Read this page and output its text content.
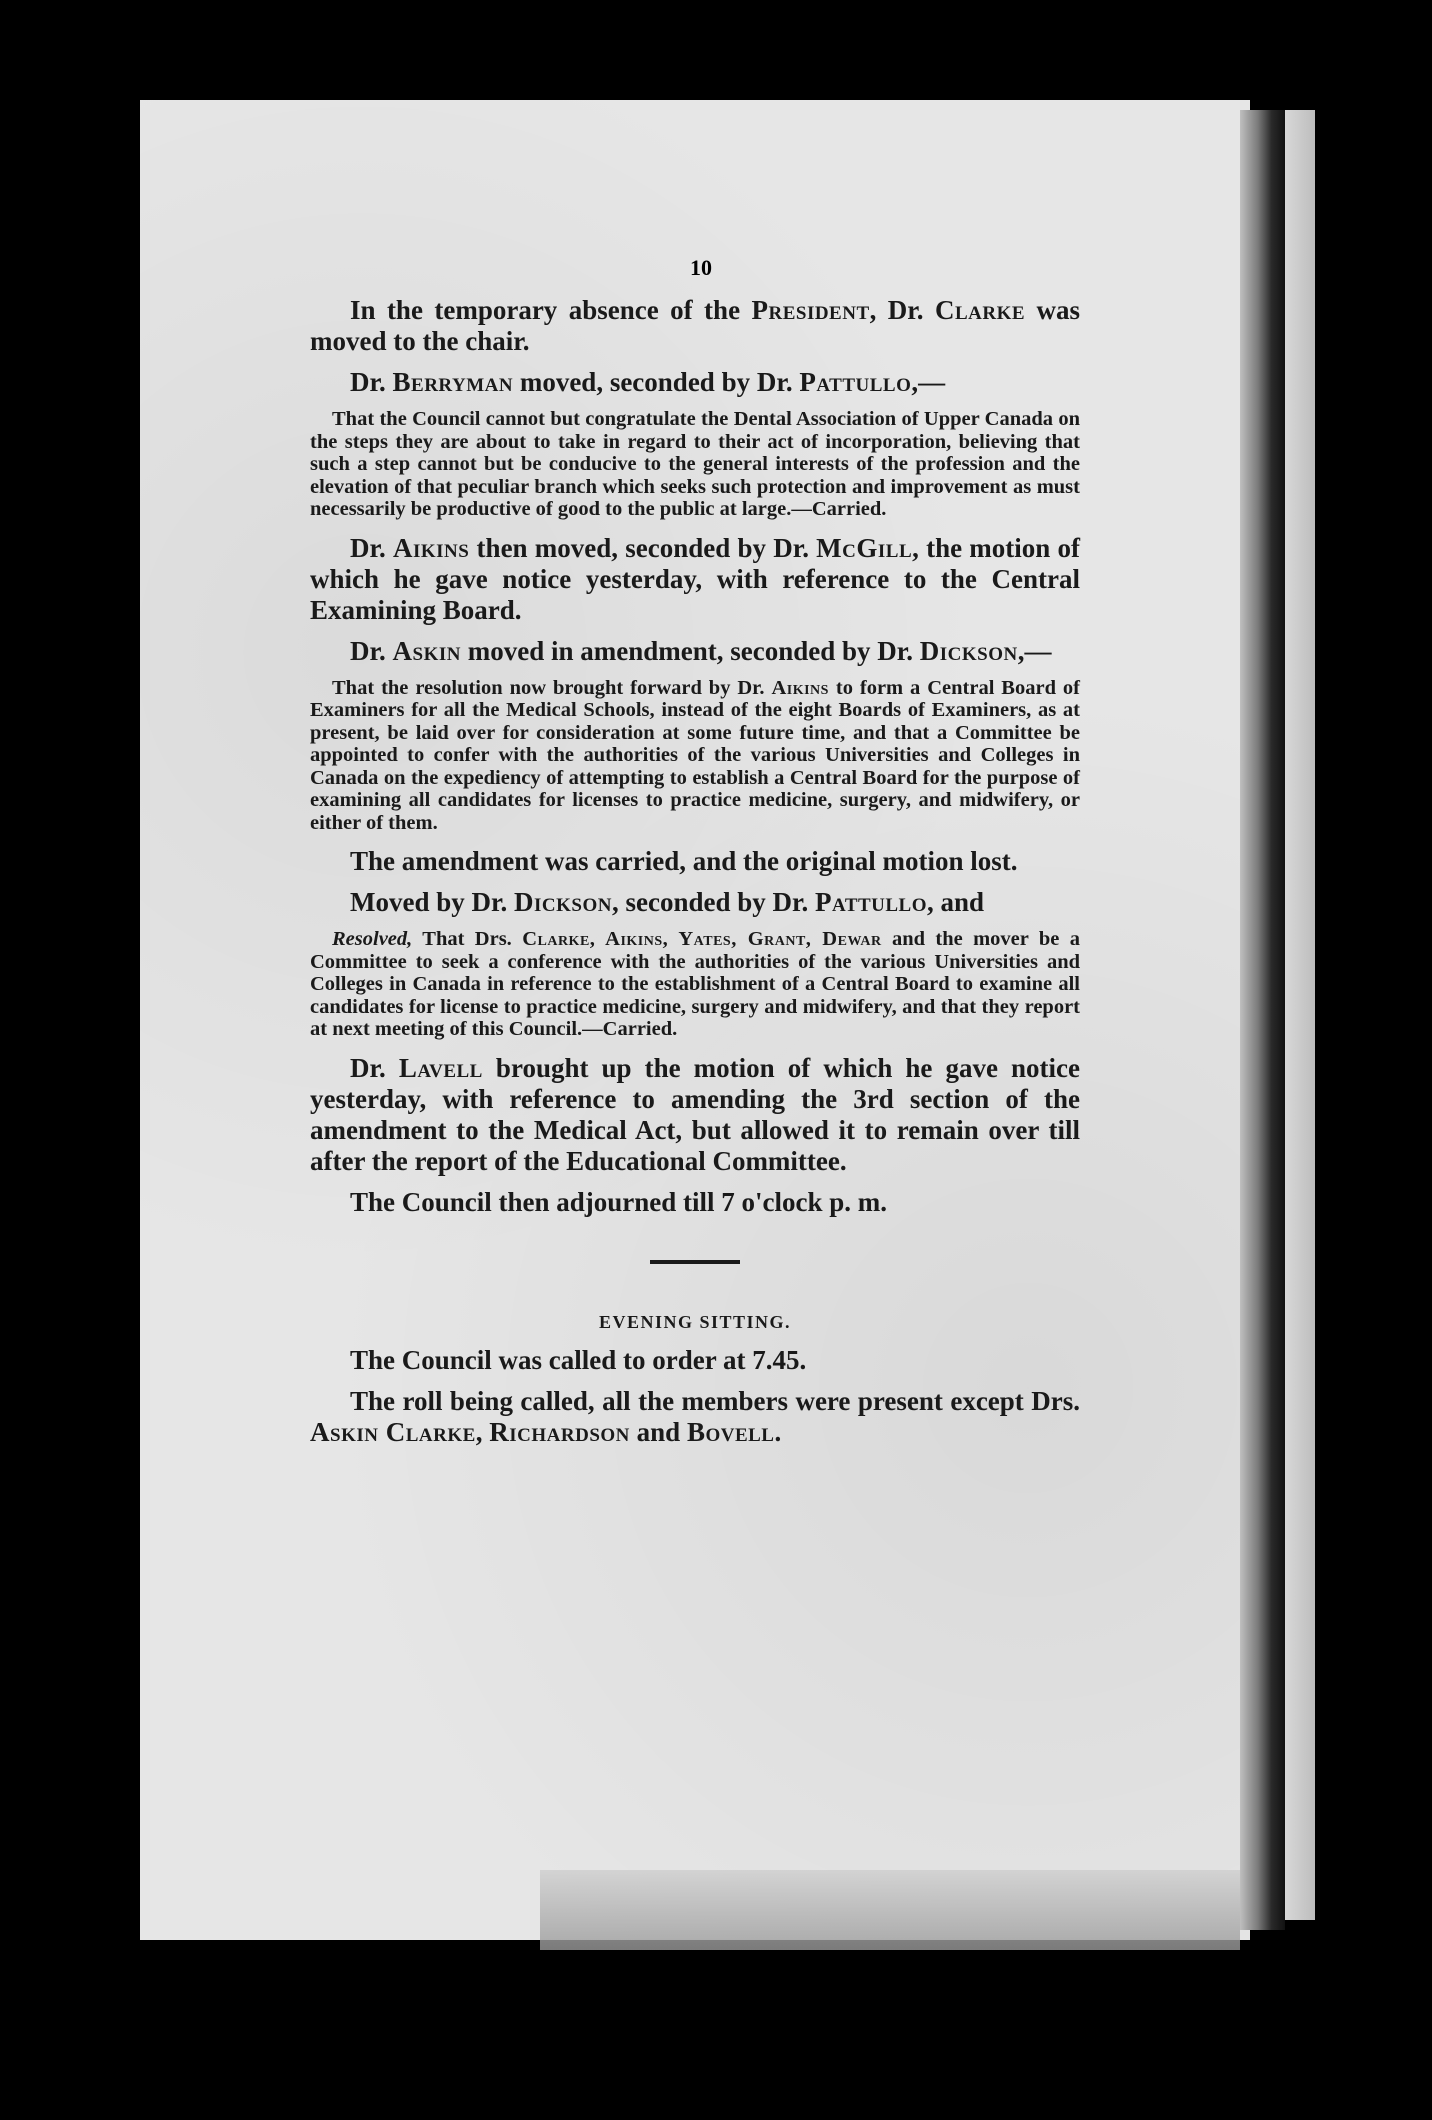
10

In the temporary absence of the President, Dr. Clarke was moved to the chair.

Dr. Berryman moved, seconded by Dr. Pattullo,—

That the Council cannot but congratulate the Dental Association of Upper Canada on the steps they are about to take in regard to their act of incorporation, believing that such a step cannot but be conducive to the general interests of the profession and the elevation of that peculiar branch which seeks such protection and improvement as must necessarily be productive of good to the public at large.—Carried.

Dr. Aikins then moved, seconded by Dr. McGill, the motion of which he gave notice yesterday, with reference to the Central Examining Board.

Dr. Askin moved in amendment, seconded by Dr. Dickson,—

That the resolution now brought forward by Dr. Aikins to form a Central Board of Examiners for all the Medical Schools, instead of the eight Boards of Examiners, as at present, be laid over for consideration at some future time, and that a Committee be appointed to confer with the authorities of the various Universities and Colleges in Canada on the expediency of attempting to establish a Central Board for the purpose of examining all candidates for licenses to practice medicine, surgery, and midwifery, or either of them.

The amendment was carried, and the original motion lost.

Moved by Dr. Dickson, seconded by Dr. Pattullo, and

Resolved, That Drs. Clarke, Aikins, Yates, Grant, Dewar and the mover be a Committee to seek a conference with the authorities of the various Universities and Colleges in Canada in reference to the establishment of a Central Board to examine all candidates for license to practice medicine, surgery and midwifery, and that they report at next meeting of this Council.—Carried.

Dr. Lavell brought up the motion of which he gave notice yesterday, with reference to amending the 3rd section of the amendment to the Medical Act, but allowed it to remain over till after the report of the Educational Committee.

The Council then adjourned till 7 o'clock p. m.

EVENING SITTING.

The Council was called to order at 7.45.

The roll being called, all the members were present except Drs. Askin Clarke, Richardson and Bovell.
